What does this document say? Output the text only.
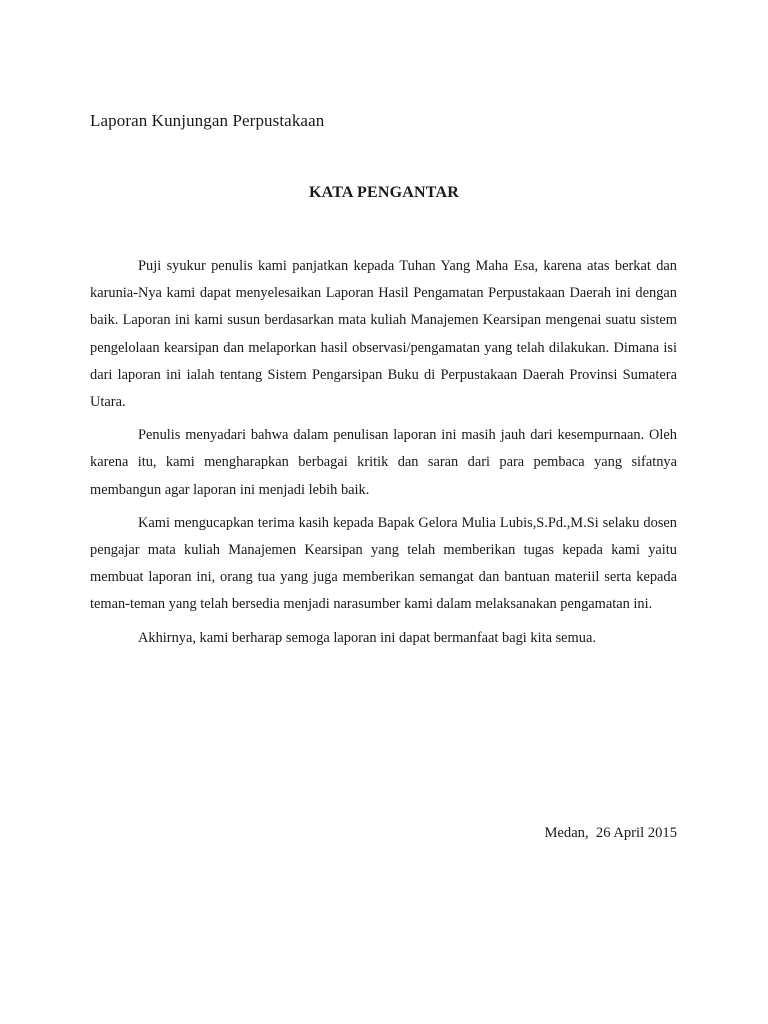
Laporan Kunjungan Perpustakaan
KATA PENGANTAR

Puji syukur penulis kami panjatkan kepada Tuhan Yang Maha Esa, karena atas berkat dan karunia-Nya kami dapat menyelesaikan Laporan Hasil Pengamatan Perpustakaan Daerah ini dengan baik. Laporan ini kami susun berdasarkan mata kuliah Manajemen Kearsipan mengenai suatu sistem pengelolaan kearsipan dan melaporkan hasil observasi/pengamatan yang telah dilakukan. Dimana isi dari laporan ini ialah tentang Sistem Pengarsipan Buku di Perpustakaan Daerah Provinsi Sumatera Utara.

Penulis menyadari bahwa dalam penulisan laporan ini masih jauh dari kesempurnaan. Oleh karena itu, kami mengharapkan berbagai kritik dan saran dari para pembaca yang sifatnya membangun agar laporan ini menjadi lebih baik.

Kami mengucapkan terima kasih kepada Bapak Gelora Mulia Lubis,S.Pd.,M.Si selaku dosen pengajar mata kuliah Manajemen Kearsipan yang telah memberikan tugas kepada kami yaitu membuat laporan ini, orang tua yang juga memberikan semangat dan bantuan materiil serta kepada teman-teman yang telah bersedia menjadi narasumber kami dalam melaksanakan pengamatan ini.

Akhirnya, kami berharap semoga laporan ini dapat bermanfaat bagi kita semua.

Medan,  26 April 2015
